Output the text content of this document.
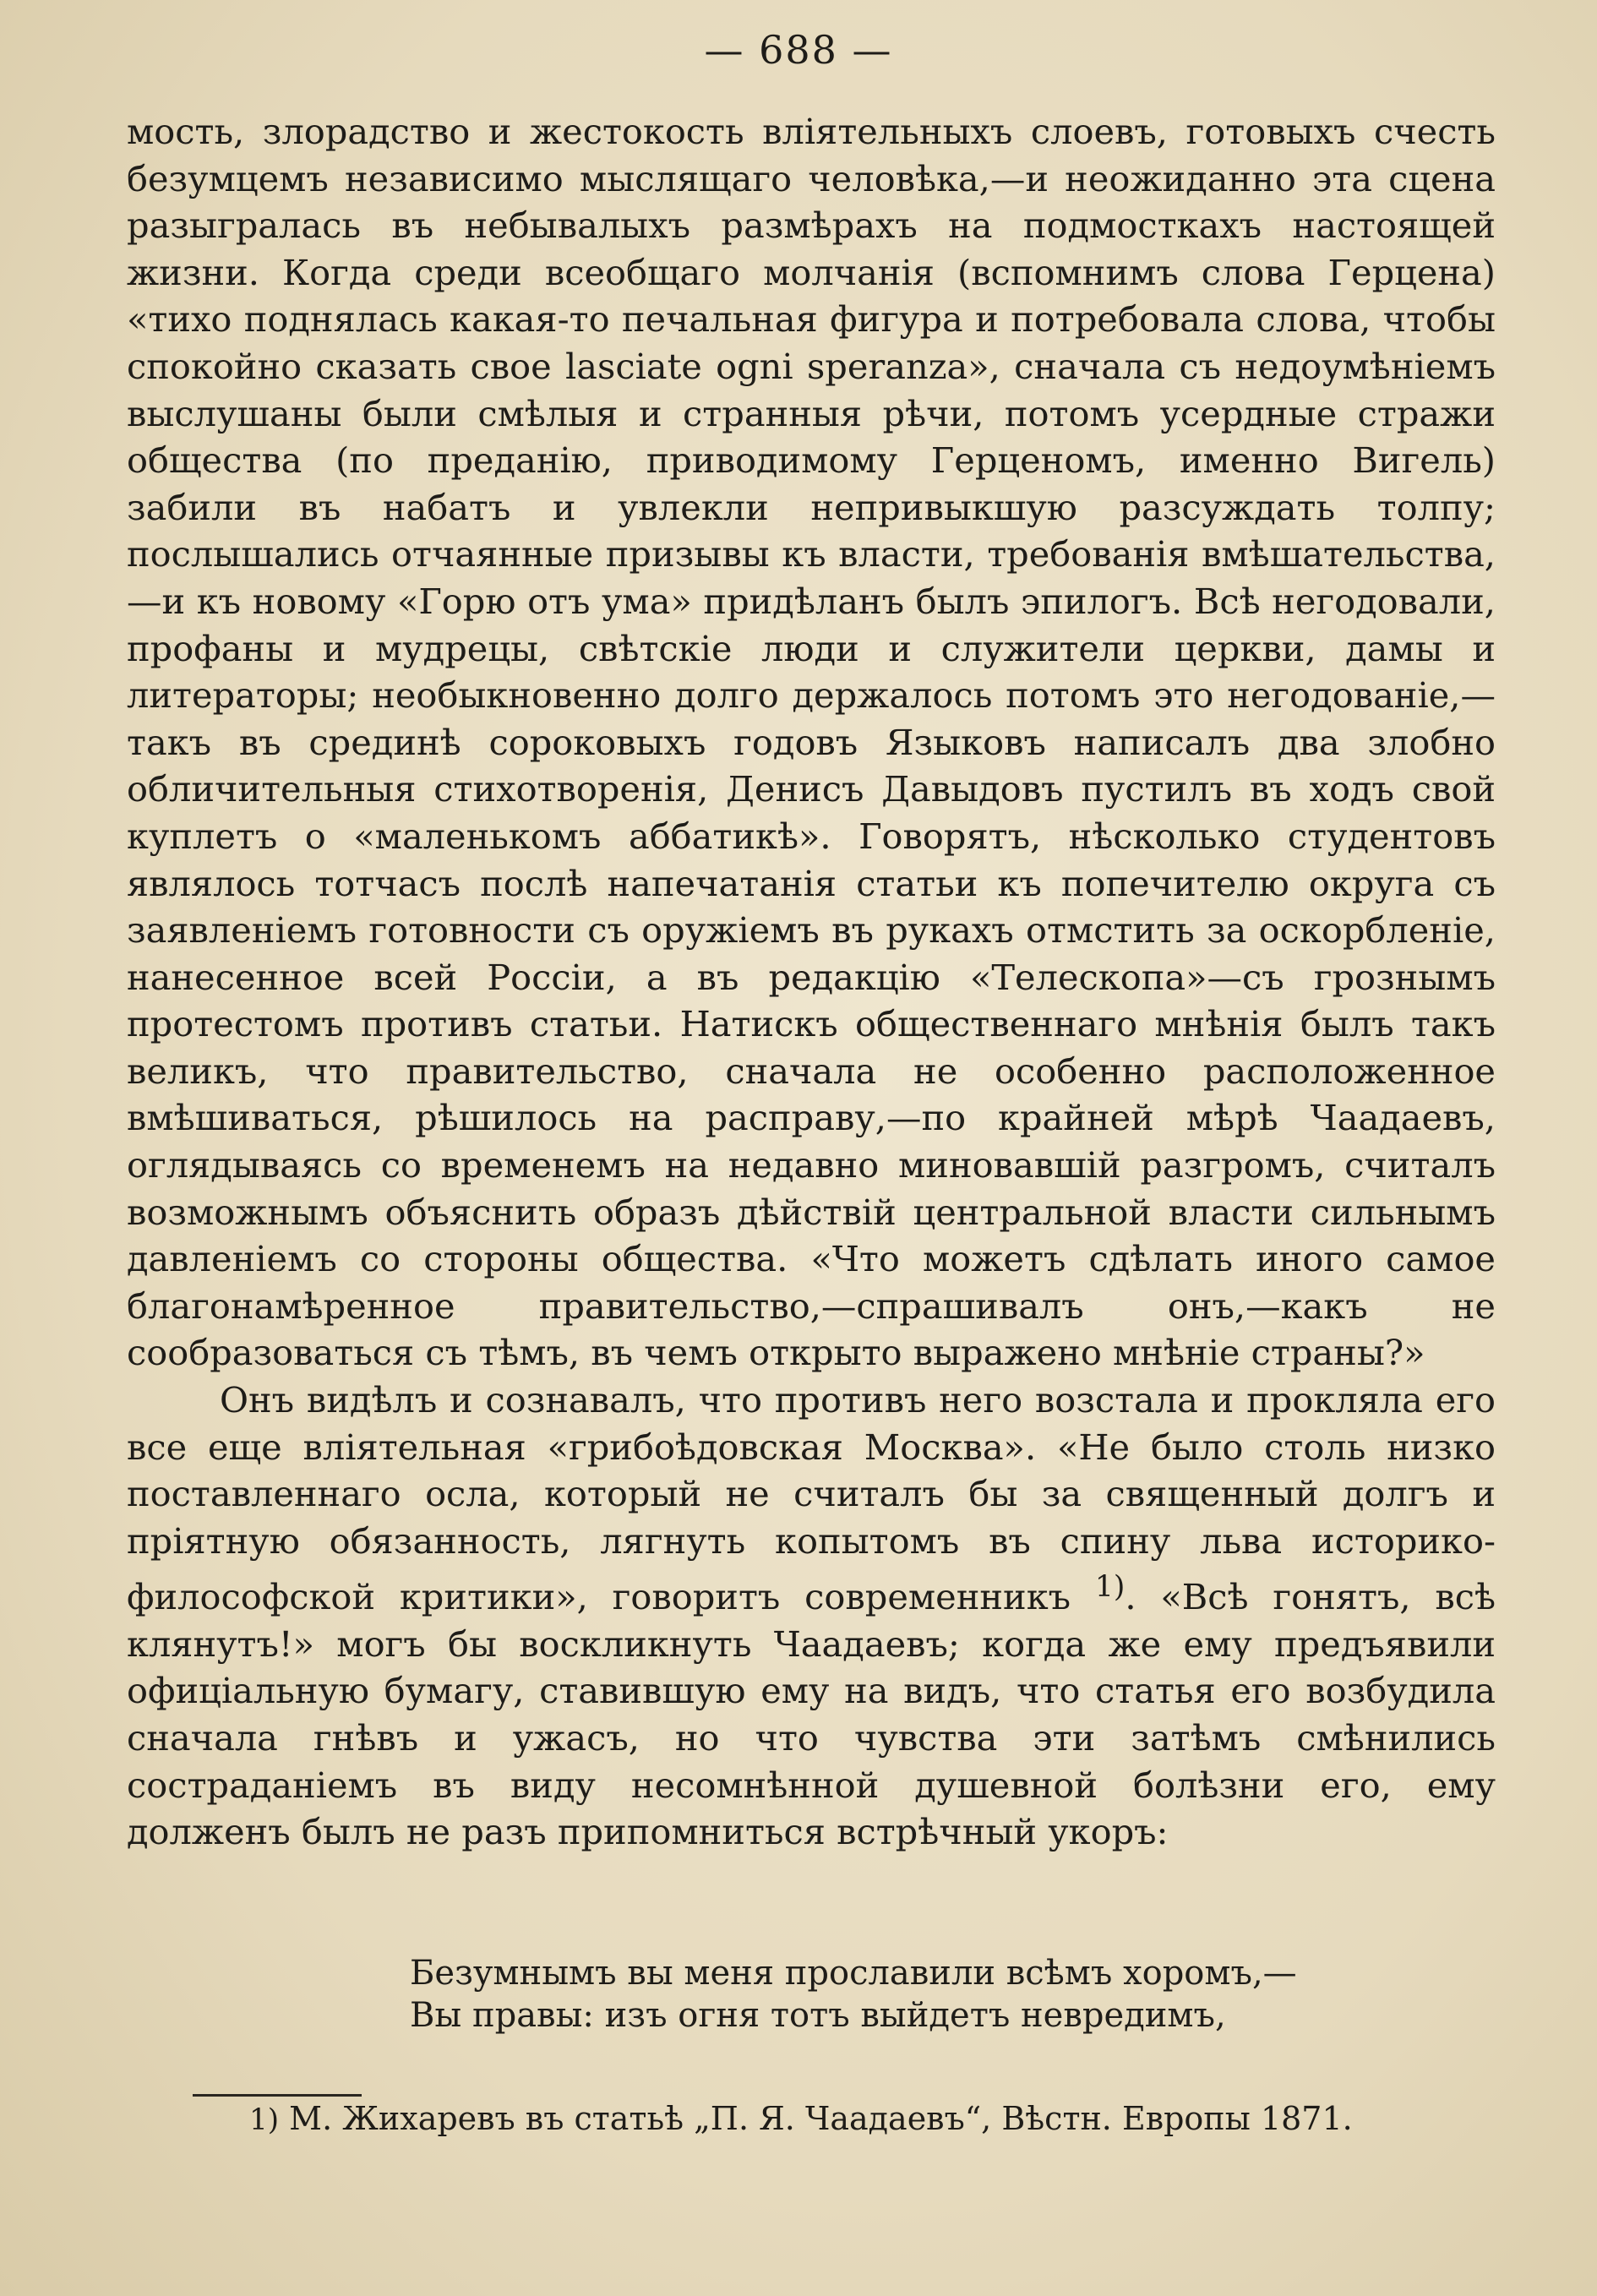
— 688 —

мость, злорадство и жестокость вліятельныхъ слоевъ, готовыхъ счесть безумцемъ независимо мыслящаго человѣка,—и неожиданно эта сцена разыгралась въ небывалыхъ размѣрахъ на подмосткахъ настоящей жизни. Когда среди всеобщаго молчанія (вспомнимъ слова Герцена) «тихо поднялась какая-то печальная фигура и потребовала слова, чтобы спокойно сказать свое lasciate ogni speranza», сначала съ недоумѣніемъ выслушаны были смѣлыя и странныя рѣчи, потомъ усердные стражи общества (по преданію, приводимому Герценомъ, именно Вигель) забили въ набатъ и увлекли непривыкшую разсуждать толпу; послышались отчаянные призывы къ власти, требованія вмѣшательства,—и къ новому «Горю отъ ума» придѣланъ былъ эпилогъ. Всѣ негодовали, профаны и мудрецы, свѣтскіе люди и служители церкви, дамы и литераторы; необыкновенно долго держалось потомъ это негодованіе,—такъ въ срединѣ сороковыхъ годовъ Языковъ написалъ два злобно обличительныя стихотворенія, Денисъ Давыдовъ пустилъ въ ходъ свой куплетъ о «маленькомъ аббатикѣ». Говорятъ, нѣсколько студентовъ являлось тотчасъ послѣ напечатанія статьи къ попечителю округа съ заявленіемъ готовности съ оружіемъ въ рукахъ отмстить за оскорбленіе, нанесенное всей Россіи, а въ редакцію «Телескопа»—съ грознымъ протестомъ противъ статьи. Натискъ общественнаго мнѣнія былъ такъ великъ, что правительство, сначала не особенно расположенное вмѣшиваться, рѣшилось на расправу,—по крайней мѣрѣ Чаадаевъ, оглядываясь со временемъ на недавно миновавшій разгромъ, считалъ возможнымъ объяснить образъ дѣйствій центральной власти сильнымъ давленіемъ со стороны общества. «Что можетъ сдѣлать иного самое благонамѣренное правительство,—спрашивалъ онъ,—какъ не сообразоваться съ тѣмъ, въ чемъ открыто выражено мнѣніе страны?»

Онъ видѣлъ и сознавалъ, что противъ него возстала и прокляла его все еще вліятельная «грибоѣдовская Москва». «Не было столь низко поставленнаго осла, который не считалъ бы за священный долгъ и пріятную обязанность, лягнуть копытомъ въ спину льва историко-философской критики», говоритъ современникъ $^{1)}$. «Всѣ гонятъ, всѣ клянутъ!» могъ бы воскликнуть Чаадаевъ; когда же ему предъявили офиціальную бумагу, ставившую ему на видъ, что статья его возбудила сначала гнѣвъ и ужасъ, но что чувства эти затѣмъ смѣнились состраданіемъ въ виду несомнѣнной душевной болѣзни его, ему долженъ былъ не разъ припомниться встрѣчный укоръ:

Безумнымъ вы меня прославили всѣмъ хоромъ,—
Вы правы: изъ огня тотъ выйдетъ невредимъ,
1) М. Жихаревъ въ статьѣ „П. Я. Чаадаевъ“, Вѣстн. Европы 1871.
